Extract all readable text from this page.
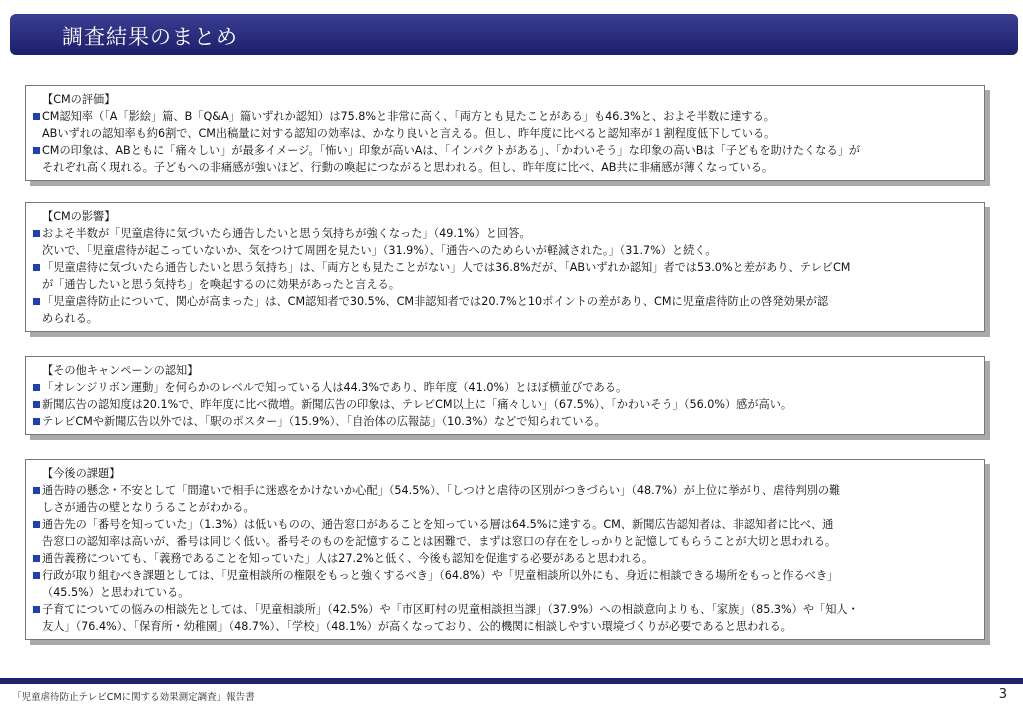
調査結果のまとめ
【CMの評価】
CM認知率（「A「影絵」篇、B「Q&A」篇いずれか認知）は75.8%と非常に高く、「両方とも見たことがある」も46.3%と、およそ半数に達する。
ABいずれの認知率も約6割で、CM出稿量に対する認知の効率は、かなり良いと言える。但し、昨年度に比べると認知率が１割程度低下している。
CMの印象は、ABともに「痛々しい」が最多イメージ。「怖い」印象が高いAは、「インパクトがある」、「かわいそう」な印象の高いBは「子どもを助けたくなる」が
それぞれ高く現れる。子どもへの非痛感が強いほど、行動の喚起につながると思われる。但し、昨年度に比べ、AB共に非痛感が薄くなっている。
【CMの影響】
およそ半数が「児童虐待に気づいたら通告したいと思う気持ちが強くなった」（49.1%）と回答。
次いで、「児童虐待が起こっていないか、気をつけて周囲を見たい」（31.9%）、「通告へのためらいが軽減された。」（31.7%）と続く。
「児童虐待に気づいたら通告したいと思う気持ち」は、「両方とも見たことがない」人では36.8%だが、「ABいずれか認知」者では53.0%と差があり、テレビCM
が「通告したいと思う気持ち」を喚起するのに効果があったと言える。
「児童虐待防止について、関心が高まった」は、CM認知者で30.5%、CM非認知者では20.7%と10ポイントの差があり、CMに児童虐待防止の啓発効果が認
められる。
【その他キャンペーンの認知】
「オレンジリボン運動」を何らかのレベルで知っている人は44.3%であり、昨年度（41.0%）とほぼ横並びである。
新聞広告の認知度は20.1%で、昨年度に比べ微増。新聞広告の印象は、テレビCM以上に「痛々しい」（67.5%）、「かわいそう」（56.0%）感が高い。
テレビCMや新聞広告以外では、「駅のポスター」（15.9%）、「自治体の広報誌」（10.3%）などで知られている。
【今後の課題】
通告時の懸念・不安として「間違いで相手に迷惑をかけないか心配」（54.5%）、「しつけと虐待の区別がつきづらい」（48.7%）が上位に挙がり、虐待判別の難
しさが通告の壁となりうることがわかる。
通告先の「番号を知っていた」（1.3%）は低いものの、通告窓口があることを知っている層は64.5%に達する。CM、新聞広告認知者は、非認知者に比べ、通
告窓口の認知率は高いが、番号は同じく低い。番号そのものを記憶することは困難で、まずは窓口の存在をしっかりと記憶してもらうことが大切と思われる。
通告義務についても、「義務であることを知っていた」人は27.2%と低く、今後も認知を促進する必要があると思われる。
行政が取り組むべき課題としては、「児童相談所の権限をもっと強くするべき」（64.8%）や「児童相談所以外にも、身近に相談できる場所をもっと作るべき」
（45.5%）と思われている。
子育てについての悩みの相談先としては、「児童相談所」（42.5%）や「市区町村の児童相談担当課」（37.9%）への相談意向よりも、「家族」（85.3%）や「知人・
友人」（76.4%）、「保育所・幼稚園」（48.7%）、「学校」（48.1%）が高くなっており、公的機関に相談しやすい環境づくりが必要であると思われる。
「児童虐待防止テレビCMに関する効果測定調査」報告書	3
